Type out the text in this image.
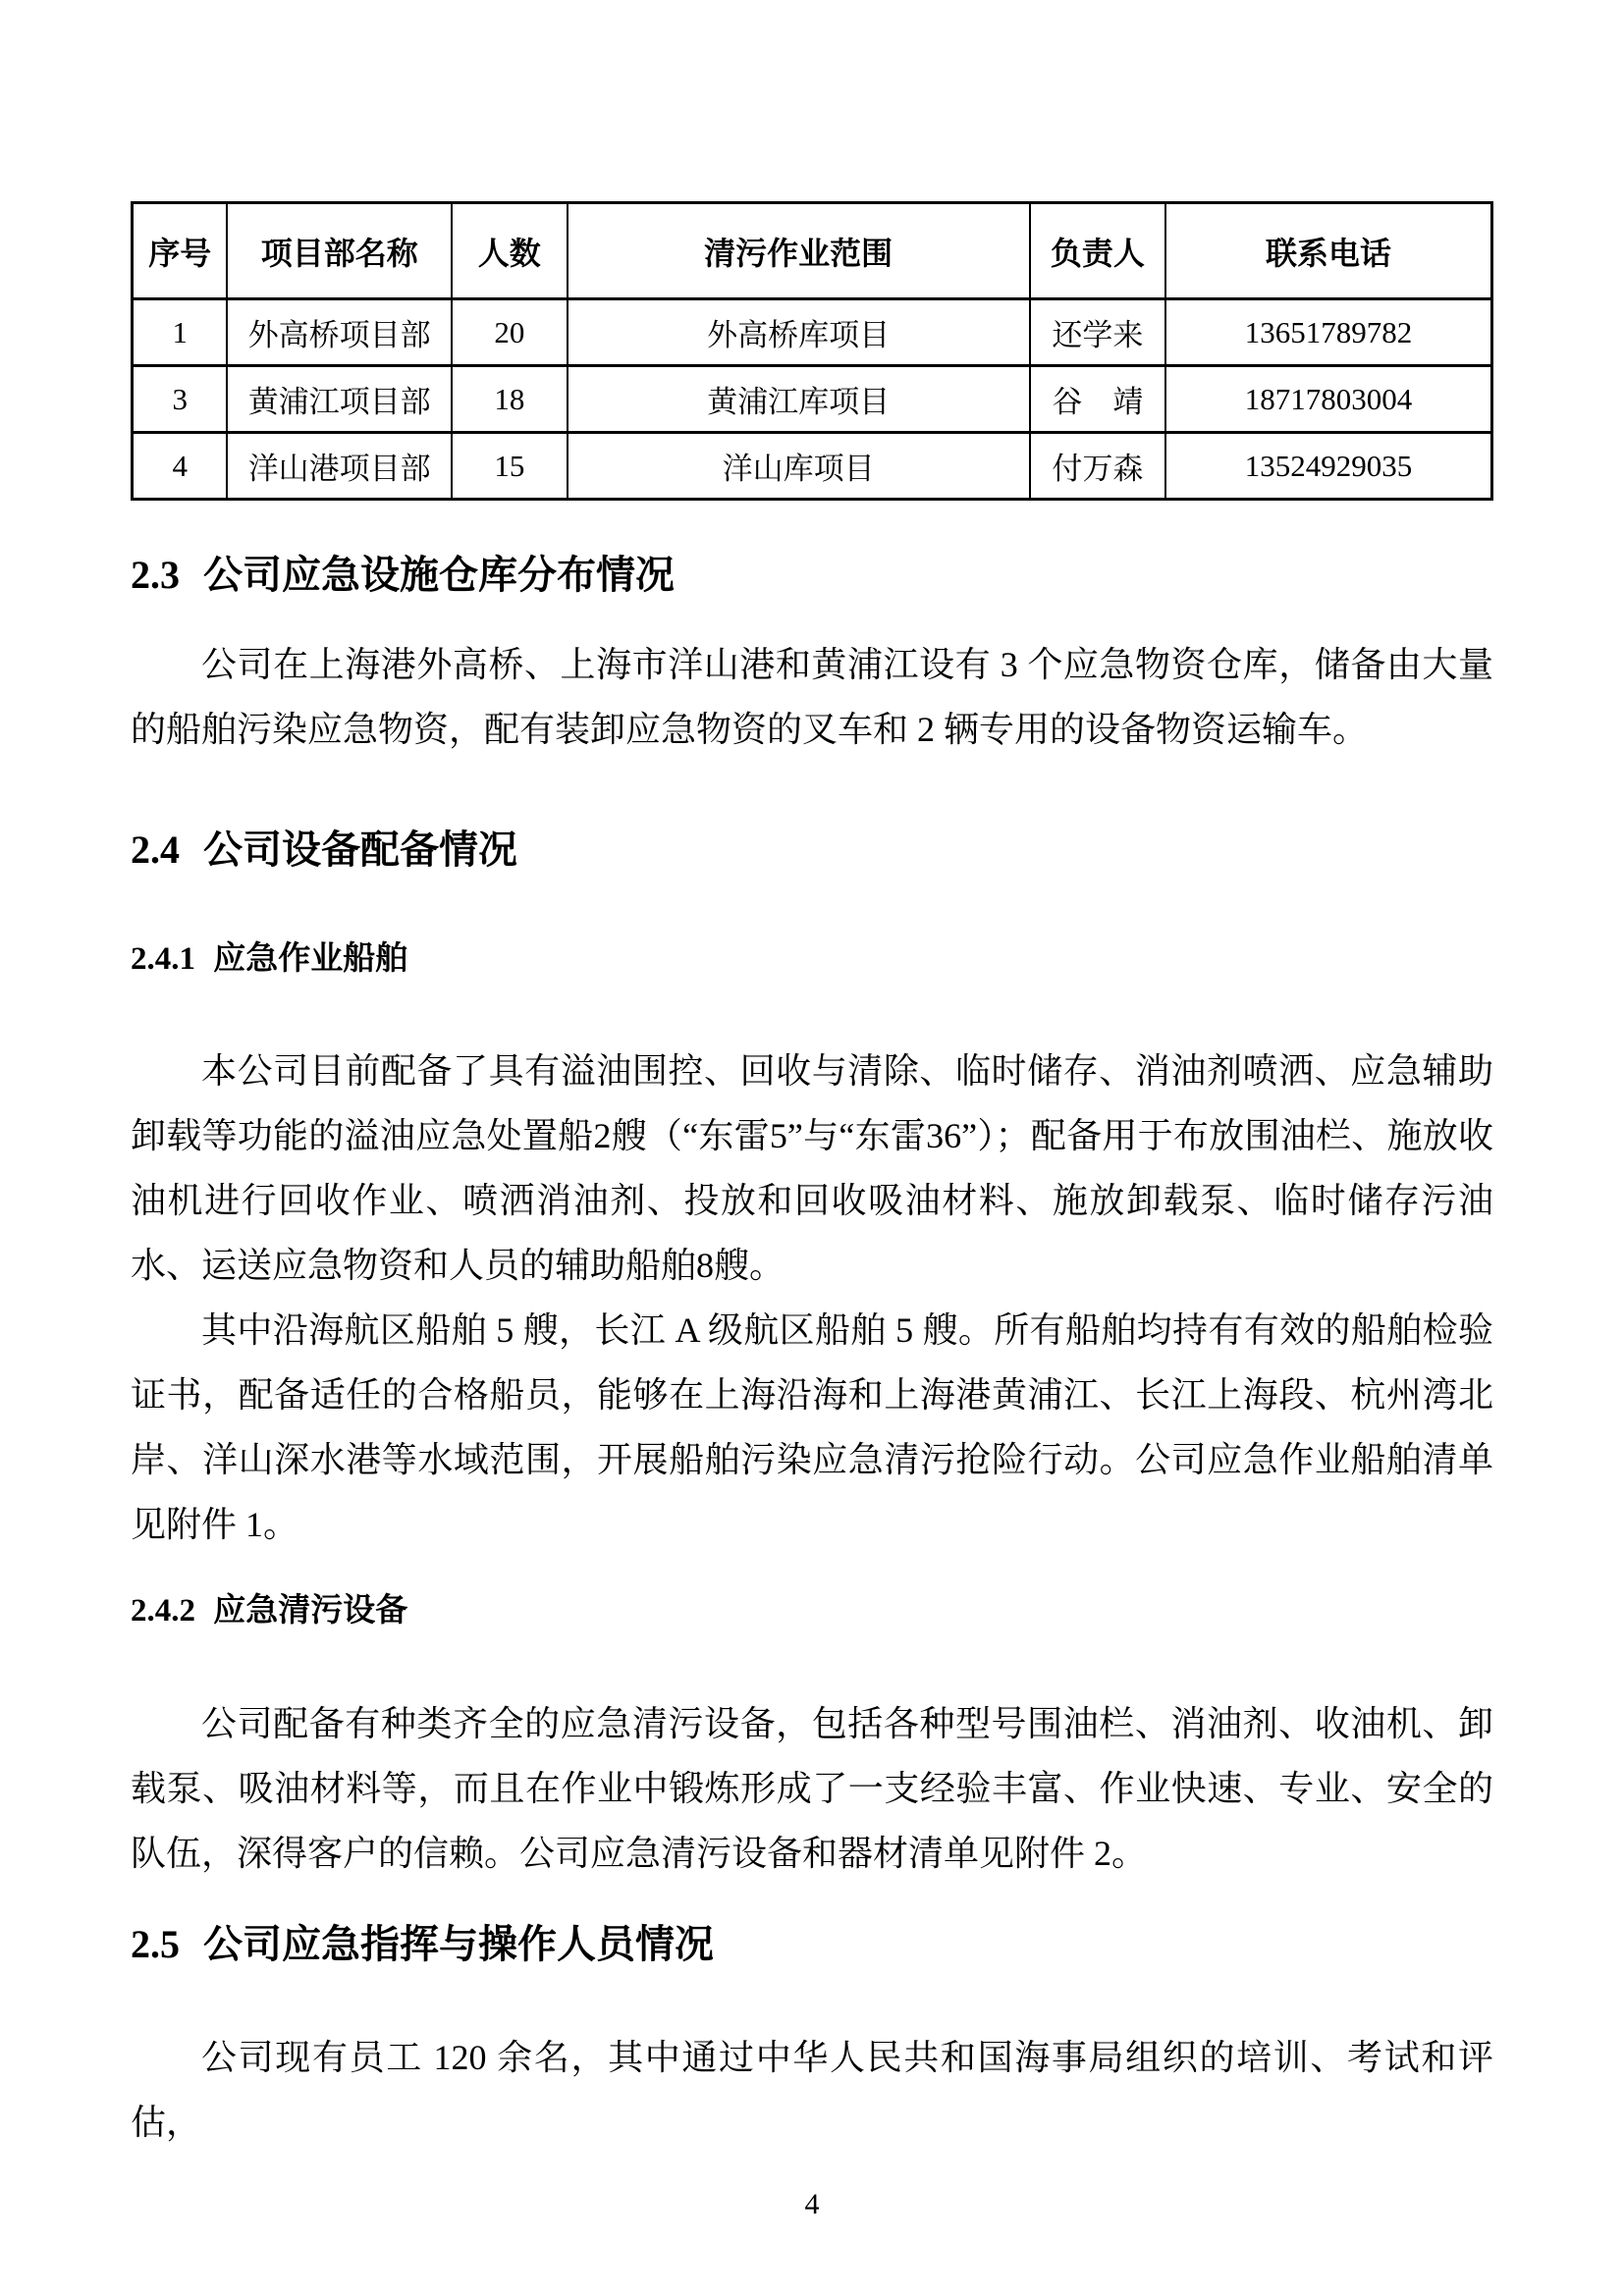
序号	项目部名称	人数	清污作业范围	负责人	联系电话
1	外高桥项目部	20	外高桥库项目	还学来	13651789782
3	黄浦江项目部	18	黄浦江库项目	谷　靖	18717803004
4	洋山港项目部	15	洋山库项目	付万森	13524929035
2.3 公司应急设施仓库分布情况

公司在上海港外高桥、上海市洋山港和黄浦江设有 3 个应急物资仓库，储备由大量的船舶污染应急物资，配有装卸应急物资的叉车和 2 辆专用的设备物资运输车。

2.4 公司设备配备情况
2.4.1 应急作业船舶

本公司目前配备了具有溢油围控、回收与清除、临时储存、消油剂喷洒、应急辅助卸载等功能的溢油应急处置船2艘（“东雷5”与“东雷36”）；配备用于布放围油栏、施放收油机进行回收作业、喷洒消油剂、投放和回收吸油材料、施放卸载泵、临时储存污油水、运送应急物资和人员的辅助船舶8艘。

其中沿海航区船舶 5 艘，长江 A 级航区船舶 5 艘。所有船舶均持有有效的船舶检验证书，配备适任的合格船员，能够在上海沿海和上海港黄浦江、长江上海段、杭州湾北岸、洋山深水港等水域范围，开展船舶污染应急清污抢险行动。公司应急作业船舶清单见附件 1。

2.4.2 应急清污设备

公司配备有种类齐全的应急清污设备，包括各种型号围油栏、消油剂、收油机、卸载泵、吸油材料等，而且在作业中锻炼形成了一支经验丰富、作业快速、专业、安全的队伍，深得客户的信赖。公司应急清污设备和器材清单见附件 2。

2.5 公司应急指挥与操作人员情况

公司现有员工 120 余名，其中通过中华人民共和国海事局组织的培训、考试和评估，

4
